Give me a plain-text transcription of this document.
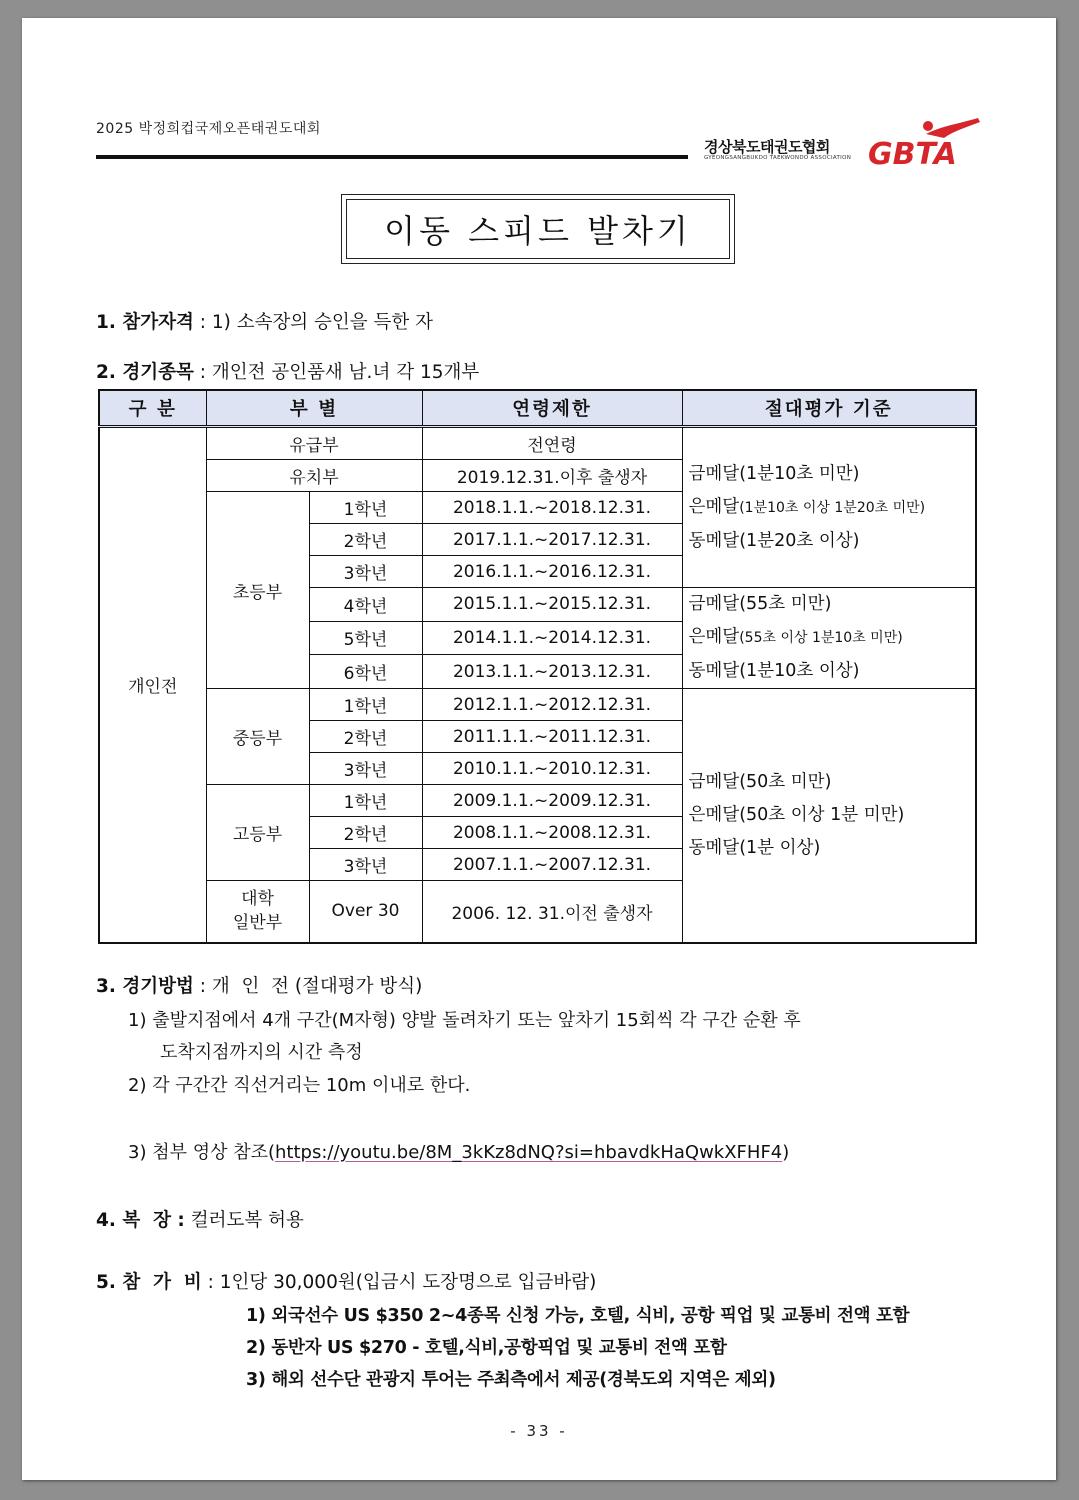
2025 박정희컵국제오픈태권도대회
경상북도태권도협회
GYEONGSANGBUKDO TAEKWONDO ASSOCIATION GBTA
이동 스피드 발차기
1. 참가자격 : 1) 소속장의 승인을 득한 자
2. 경기종목 : 개인전 공인품새 남.녀 각 15개부
구 분	부 별		연령제한	절대평가 기준
개인전	유급부		전연령	금메달(1분10초 미만)
은메달(1분10초 이상 1분20초 미만)
동메달(1분20초 이상)

	유치부		2019.12.31.이후 출생자	
	초등부	1학년	2018.1.1.~2018.12.31.	
		2학년	2017.1.1.~2017.12.31.	
		3학년	2016.1.1.~2016.12.31.	
		4학년	2015.1.1.~2015.12.31.	금메달(55초 미만)
은메달(55초 이상 1분10초 미만)
동메달(1분10초 이상)

		5학년	2014.1.1.~2014.12.31.	
		6학년	2013.1.1.~2013.12.31.	
	중등부	1학년	2012.1.1.~2012.12.31.	금메달(50초 미만)
은메달(50초 이상 1분 미만)
동메달(1분 이상)

		2학년	2011.1.1.~2011.12.31.	
		3학년	2010.1.1.~2010.12.31.	
	고등부	1학년	2009.1.1.~2009.12.31.	
		2학년	2008.1.1.~2008.12.31.	
		3학년	2007.1.1.~2007.12.31.	

	대학
일반부	Over 30	2006. 12. 31.이전 출생자	
3. 경기방법 : 개  인  전 (절대평가 방식)
1) 출발지점에서 4개 구간(M자형) 양발 돌려차기 또는 앞차기 15회씩 각 구간 순환 후
도착지점까지의 시간 측정
2) 각 구간간 직선거리는 10m 이내로 한다.
3) 첨부 영상 참조(https://youtu.be/8M_3kKz8dNQ?si=hbavdkHaQwkXFHF4)
4. 복  장 : 컬러도복 허용
5. 참  가  비 : 1인당 30,000원(입금시 도장명으로 입금바람)
1) 외국선수 US $350 2~4종목 신청 가능, 호텔, 식비, 공항 픽업 및 교통비 전액 포함
2) 동반자 US $270 - 호텔,식비,공항픽업 및 교통비 전액 포함
3) 해외 선수단 관광지 투어는 주최측에서 제공(경북도외 지역은 제외)
- 33 -
